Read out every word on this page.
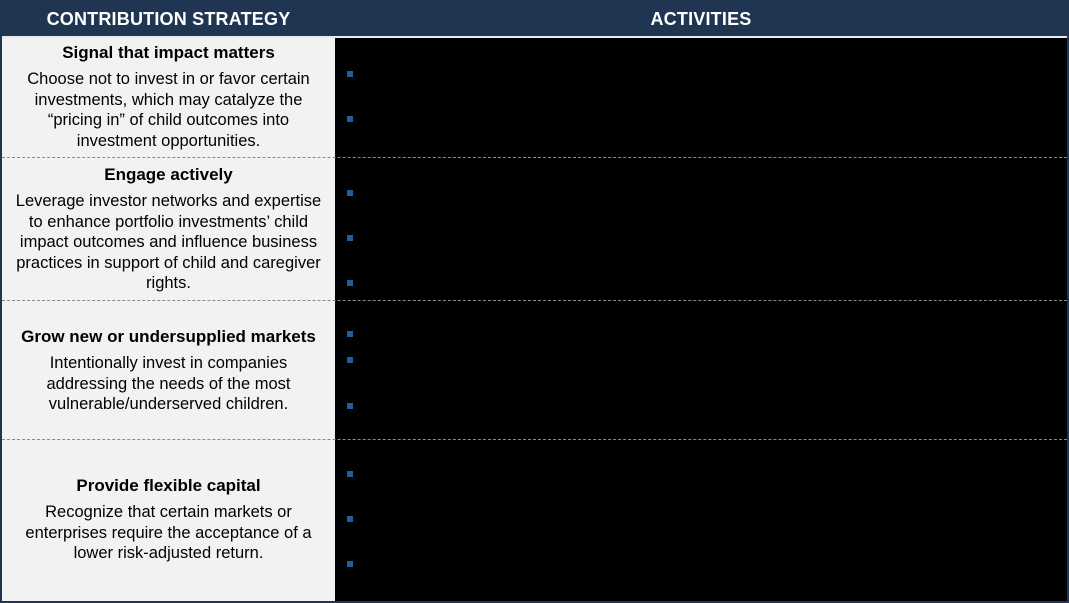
CONTRIBUTION STRATEGY	ACTIVITIES
Signal that impact matters
Choose not to invest in or favor certain investments, which may catalyze the “pricing in” of child outcomes into investment opportunities.
Engage actively
Leverage investor networks and expertise to enhance portfolio investments’ child impact outcomes and influence business practices in support of child and caregiver rights.
Grow new or undersupplied markets
Intentionally invest in companies addressing the needs of the most vulnerable/underserved children.
Provide flexible capital
Recognize that certain markets or enterprises require the acceptance of a lower risk-adjusted return.
